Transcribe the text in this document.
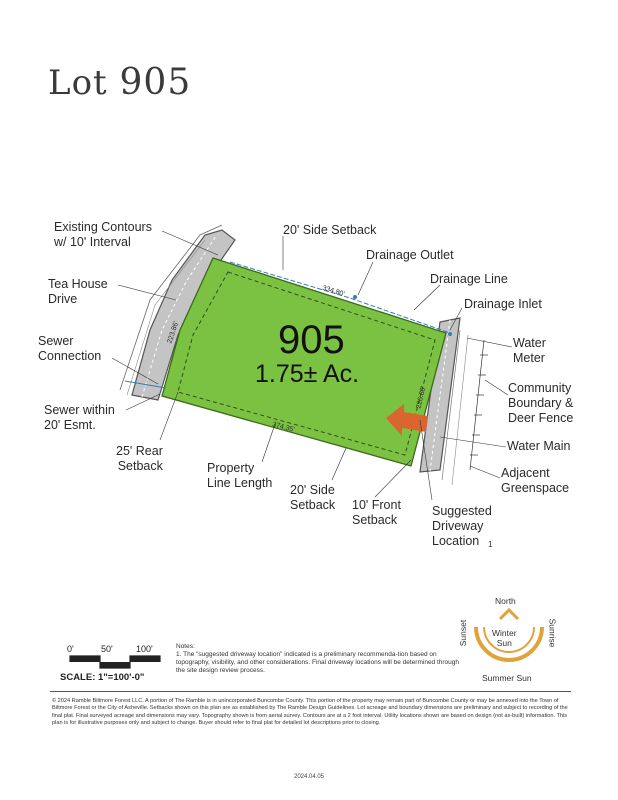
Lot 905
905
1.75± Ac.
334.80'
223.86'
374.35'
226.80'
Existing Contours
w/ 10' Interval
20' Side Setback
Drainage Outlet
Tea House
Drive
Drainage Line
Drainage Inlet
Sewer
Connection
Water
Meter
Community
Boundary &
Deer Fence
Sewer within
20' Esmt.
Water Main
25' Rear
Setback	Adjacent
Greenspace
Property
Line Length 20' Side
Setback 10' Front
Setback
Suggested
Driveway
Location	1
0'	50'	100'
SCALE: 1"=100'-0"
Notes:
1. The "suggested driveway location" indicated is a preliminary recommenda-tion based on topography, visibility, and other considerations. Final driveway locations will be determined through the site design review process.
North
Winter
Sun
Summer Sun
Sunset	Sunrise
© 2024 Ramble Biltmore Forest LLC. A portion of The Ramble is in unincorporated Buncombe County. This portion of the property may remain part of Buncombe County or may be annexed into the Town of Biltmore Forest or the City of Asheville. Setbacks shown on this plan are as established by The Ramble Design Guidelines. Lot acreage and boundary dimensions are preliminary and subject to recording of the final plat. Final surveyed acreage and dimensions may vary. Topography shown is from aerial survey. Contours are at a 2 foot interval. Utility locations shown are based on design (not as-built) information. This plan is for illustrative purposes only and subject to change. Buyer should refer to final plat for detailed lot descriptions prior to closing.
2024.04.05
